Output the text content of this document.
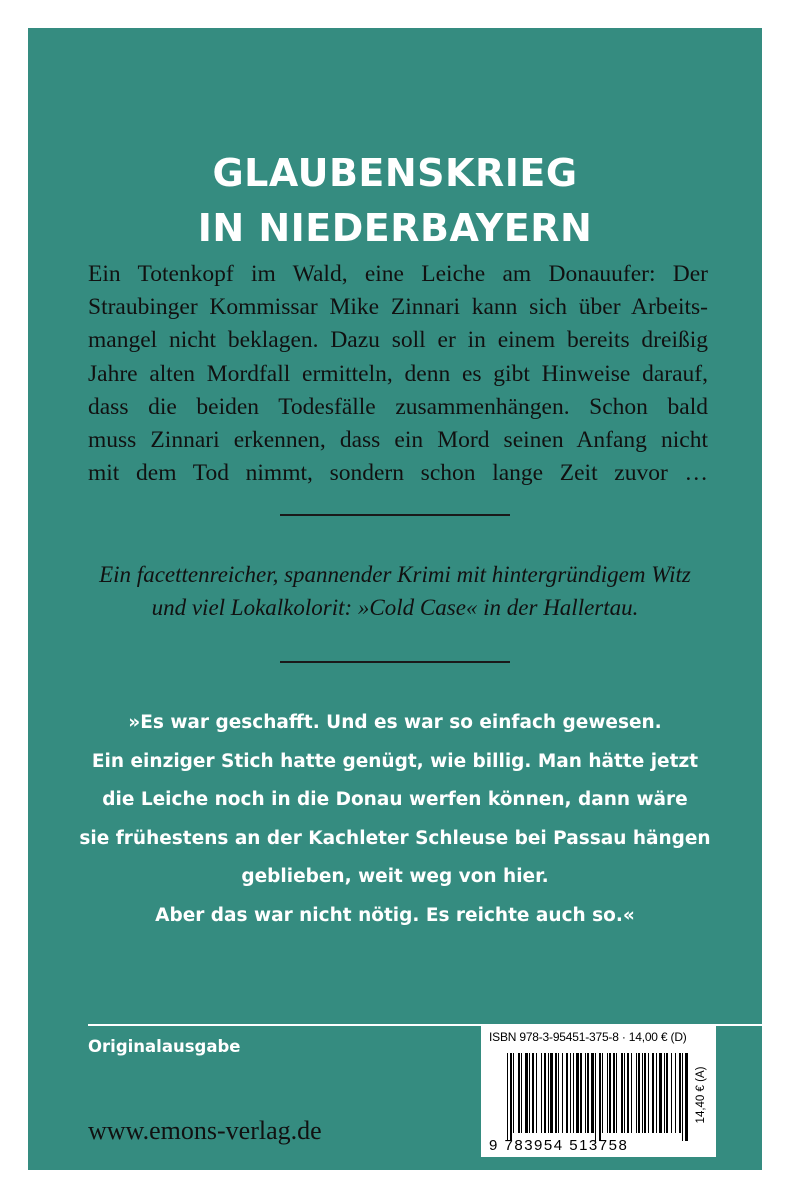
GLAUBENSKRIEG
IN NIEDERBAYERN
Ein Totenkopf im Wald, eine Leiche am Donauufer: Der
Straubinger Kommissar Mike Zinnari kann sich über Arbeits-
mangel nicht beklagen. Dazu soll er in einem bereits dreißig
Jahre alten Mordfall ermitteln, denn es gibt Hinweise darauf,
dass die beiden Todesfälle zusammenhängen. Schon bald
muss Zinnari erkennen, dass ein Mord seinen Anfang nicht
mit dem Tod nimmt, sondern schon lange Zeit zuvor …
Ein facettenreicher, spannender Krimi mit hintergründigem Witz
und viel Lokalkolorit: »Cold Case« in der Hallertau.
»Es war geschafft. Und es war so einfach gewesen.
Ein einziger Stich hatte genügt, wie billig. Man hätte jetzt
die Leiche noch in die Donau werfen können, dann wäre
sie frühestens an der Kachleter Schleuse bei Passau hängen
geblieben, weit weg von hier.
Aber das war nicht nötig. Es reichte auch so.«
Originalausgabe
www.emons-verlag.de
ISBN 978-3-95451-375-8 · 14,00 € (D)
9 783954 513758
14,40 € (A)
